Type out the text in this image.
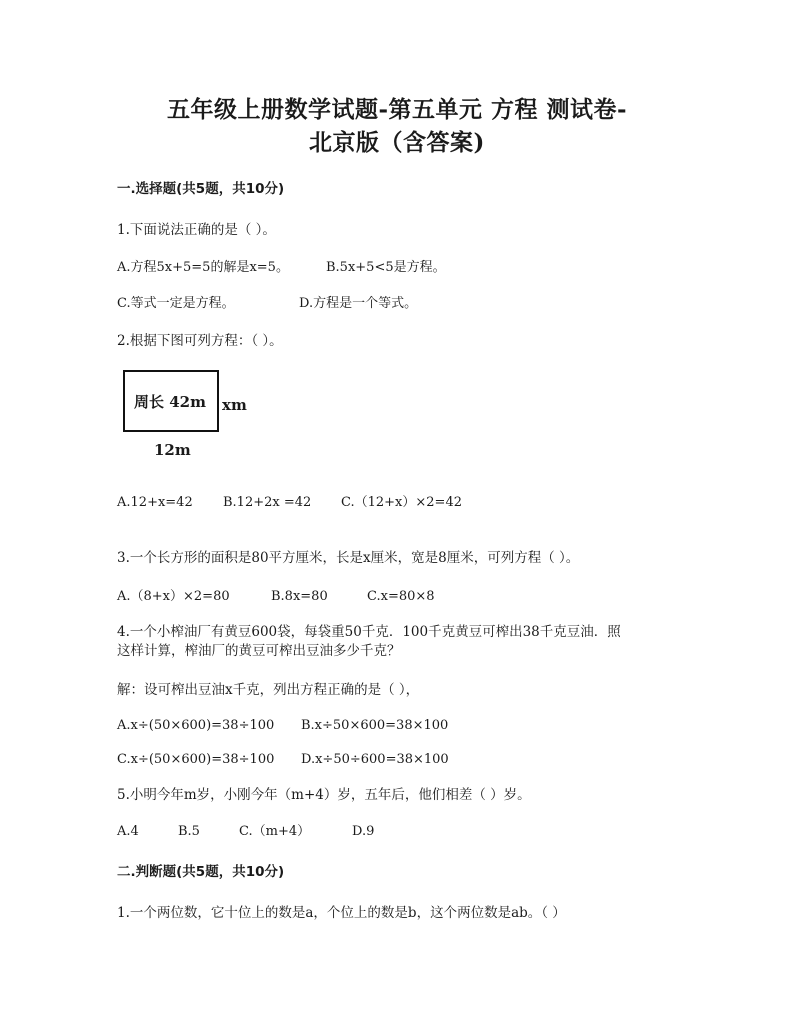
五年级上册数学试题-第五单元 方程 测试卷-
北京版（含答案)
一.选择题(共5题，共10分)
1.下面说法正确的是（ ）。
A.方程5x+5=5的解是x=5。	B.5x+5<5是方程。
C.等式一定是方程。	D.方程是一个等式。
2.根据下图可列方程：（ ）。
周长 42m xm
12m
A.12+x=42 B.12+2x =42 C.（12+x）×2=42
3.一个长方形的面积是80平方厘米，长是x厘米，宽是8厘米，可列方程（ ）。
A.（8+x）×2=80	B.8x=80	C.x=80×8
4.一个小榨油厂有黄豆600袋，每袋重50千克．100千克黄豆可榨出38千克豆油．照
这样计算，榨油厂的黄豆可榨出豆油多少千克？
解：设可榨出豆油x千克，列出方程正确的是（ ），
A.x÷(50×600)=38÷100 B.x÷50×600=38×100
C.x÷(50×600)=38÷100 D.x÷50÷600=38×100
5.小明今年m岁，小刚今年（m+4）岁，五年后，他们相差（ ）岁。
A.4	B.5	C.（m+4）	D.9
二.判断题(共5题，共10分)
1.一个两位数，它十位上的数是a，个位上的数是b，这个两位数是ab。（ ）
